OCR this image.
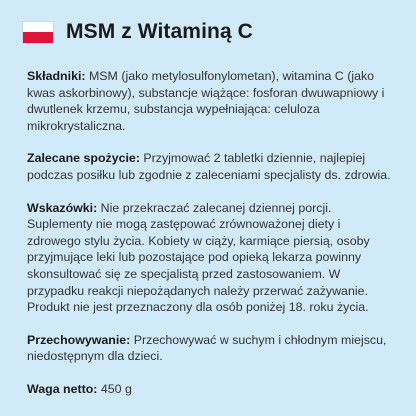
MSM z Witaminą C

Składniki: MSM (jako metylosulfonylometan), witamina C (jako kwas askorbinowy), substancje wiążące: fosforan dwuwapniowy i dwutlenek krzemu, substancja wypełniająca: celuloza mikrokrystaliczna.

Zalecane spożycie: Przyjmować 2 tabletki dziennie, najlepiej podczas posiłku lub zgodnie z zaleceniami specjalisty ds. zdrowia.

Wskazówki: Nie przekraczać zalecanej dziennej porcji. Suplementy nie mogą zastępować zrównoważonej diety i zdrowego stylu życia. Kobiety w ciąży, karmiące piersią, osoby przyjmujące leki lub pozostające pod opieką lekarza powinny skonsultować się ze specjalistą przed zastosowaniem. W przypadku reakcji niepożądanych należy przerwać zażywanie. Produkt nie jest przeznaczony dla osób poniżej 18. roku życia.

Przechowywanie: Przechowywać w suchym i chłodnym miejscu, niedostępnym dla dzieci.

Waga netto: 450 g
